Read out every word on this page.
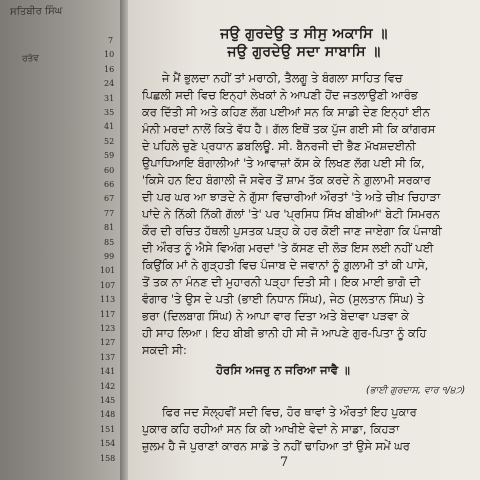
ਸਤਿਬੀਰ ਸਿੰਘ
ਰਤੱਵ
7
10
16
24
31
35
41
52
59
60
66
67
77
81
85
99
101
107
113
117
123
127
137
141
142
145
148
151
154
158
ਜਉ ਗੁਰਦੇਉ ਤ ਸੀਸੁ ਅਕਾਸਿ ॥
ਜਉ ਗੁਰਦੇਉ ਸਦਾ ਸਾਬਾਸਿ ॥
ਜੇ ਮੈਂ ਭੁਲਦਾ ਨਹੀਂ ਤਾਂ ਮਰਾਠੀ, ਤੈਲਗੂ ਤੇ ਬੰਗਲਾ ਸਾਹਿਤ ਵਿਚ
ਪਿਛਲੀ ਸਦੀ ਵਿਚ ਇਨ੍ਹਾਂ ਲੇਖਕਾਂ ਨੇ ਆਪਣੀ ਹੋਂਦ ਜਤਲਾਉਣੀ ਆਰੰਭ
ਕਰ ਦਿੱਤੀ ਸੀ ਅਤੇ ਕਹਿਣ ਲੱਗ ਪਈਆਂ ਸਨ ਕਿ ਸਾਡੀ ਦੇਣ ਇਨ੍ਹਾਂ ਈਨ
ਮੰਨੀ ਮਰਦਾਂ ਨਾਲੋਂ ਕਿਤੇ ਵੱਧ ਹੈ। ਗੱਲ ਇਥੋਂ ਤਕ ਪੁੱਜ ਗਈ ਸੀ ਕਿ ਕਾਂਗਰਸ
ਦੇ ਪਹਿਲੇ ਚੁਣੇ ਪ੍ਰਧਾਨ ਡਬਲਿਊ. ਸੀ. ਬੈਨਰਜੀ ਦੀ ਭੈਣ ਮੱਖਸ਼ਦਈਨੀ
ਉਪਾਧਿਆਇ ਬੰਗਾਲੀਆਂ 'ਤੇ ਆਵਾਜ਼ਾਂ ਕੱਸ ਕੇ ਲਿਖਣ ਲੱਗ ਪਈ ਸੀ ਕਿ,
'ਕਿਸੇ ਹਨ ਇਹ ਬੰਗਾਲੀ ਜੋ ਸਵੇਰ ਤੋਂ ਸ਼ਾਮ ਤੱਕ ਕਰਦੇ ਨੇ ਗ਼ੁਲਾਮੀ ਸਰਕਾਰ
ਦੀ ਪਰ ਘਰ ਆ ਝਾੜਦੇ ਨੇ ਗੁੱਸਾ ਵਿਚਾਰੀਆਂ ਔਰਤਾਂ 'ਤੇ ਅਤੇ ਚੀਖ਼ ਚਿਹਾੜਾ
ਪਾਂਦੇ ਨੇ ਨਿੱਕੀ ਨਿੱਕੀ ਗੱਲਾਂ 'ਤੇ' ਪਰ 'ਪ੍ਰਸਿਧ ਸਿੱਖ ਬੀਬੀਆਂ' ਬੇਟੀ ਸਿਮਰਨ
ਕੌਰ ਦੀ ਰਚਿਤ ਹੱਥਲੀ ਪੁਸਤਕ ਪੜ੍ਹ ਕੇ ਹਰ ਕੋਈ ਜਾਣ ਜਾਏਗਾ ਕਿ ਪੰਜਾਬੀ
ਦੀ ਔਰਤ ਨੂੰ ਐਸੇ ਵਿਅੰਗ ਮਰਦਾਂ 'ਤੇ ਕੱਸਣ ਦੀ ਲੋੜ ਇਸ ਲਈ ਨਹੀਂ ਪਈ
ਕਿਉਂਕਿ ਮਾਂ ਨੇ ਗੁੜ੍ਹਤੀ ਵਿਚ ਪੰਜਾਬ ਦੇ ਜਵਾਨਾਂ ਨੂੰ ਗ਼ੁਲਾਮੀ ਤਾਂ ਕੀ ਪਾਸੇ,
ਤੋਂ ਤਕ ਨਾ ਮੰਨਣ ਦੀ ਮੁਹਾਰਨੀ ਪੜ੍ਹਾ ਦਿਤੀ ਸੀ। ਇਕ ਮਾਈ ਭਾਗੋ ਦੀ
ਵੰਗਾਰ 'ਤੇ ਉਸ ਦੇ ਪਤੀ (ਭਾਈ ਨਿਧਾਨ ਸਿੰਘ), ਜੇਠ (ਸੁਲਤਾਨ ਸਿੰਘ) ਤੇ
ਭਰਾ (ਦਿਲਬਾਗ ਸਿੰਘ) ਨੇ ਆਪਾ ਵਾਰ ਦਿਤਾ ਅਤੇ ਬੇਦਾਵਾ ਪੜਵਾ ਕੇ
ਹੀ ਸਾਹ ਲਿਆ। ਇਹ ਬੀਬੀ ਭਾਨੀ ਹੀ ਸੀ ਜੋ ਆਪਣੇ ਗੁਰ-ਪਿਤਾ ਨੂੰ ਕਹਿ
ਸਕਦੀ ਸੀ:
ਹੋਰਸਿ ਅਜਰੁ ਨ ਜਰਿਆ ਜਾਵੈ ॥
(ਭਾਈ ਗੁਰਦਾਸ, ਵਾਰ ੧/੪੭)
ਫਿਰ ਜਦ ਸੋਲ੍ਹਵੀਂ ਸਦੀ ਵਿਚ, ਹੋਰ ਥਾਵਾਂ ਤੇ ਔਰਤਾਂ ਇਹ ਪੁਕਾਰ
ਪੁਕਾਰ ਕਹਿ ਰਹੀਆਂ ਸਨ ਕਿ ਕੀ ਆਖੀਏ ਵੇਦਾਂ ਨੇ ਸਾਡਾ, ਕਿਹੜਾ
ਜ਼ੁਲਮ ਹੈ ਜੋ ਪੁਰਾਣਾਂ ਕਾਰਨ ਸਾਡੇ ਤੇ ਨਹੀਂ ਢਾਹਿਆ ਤਾਂ ਉਸੇ ਸਮੇਂ ਘਰ
7
